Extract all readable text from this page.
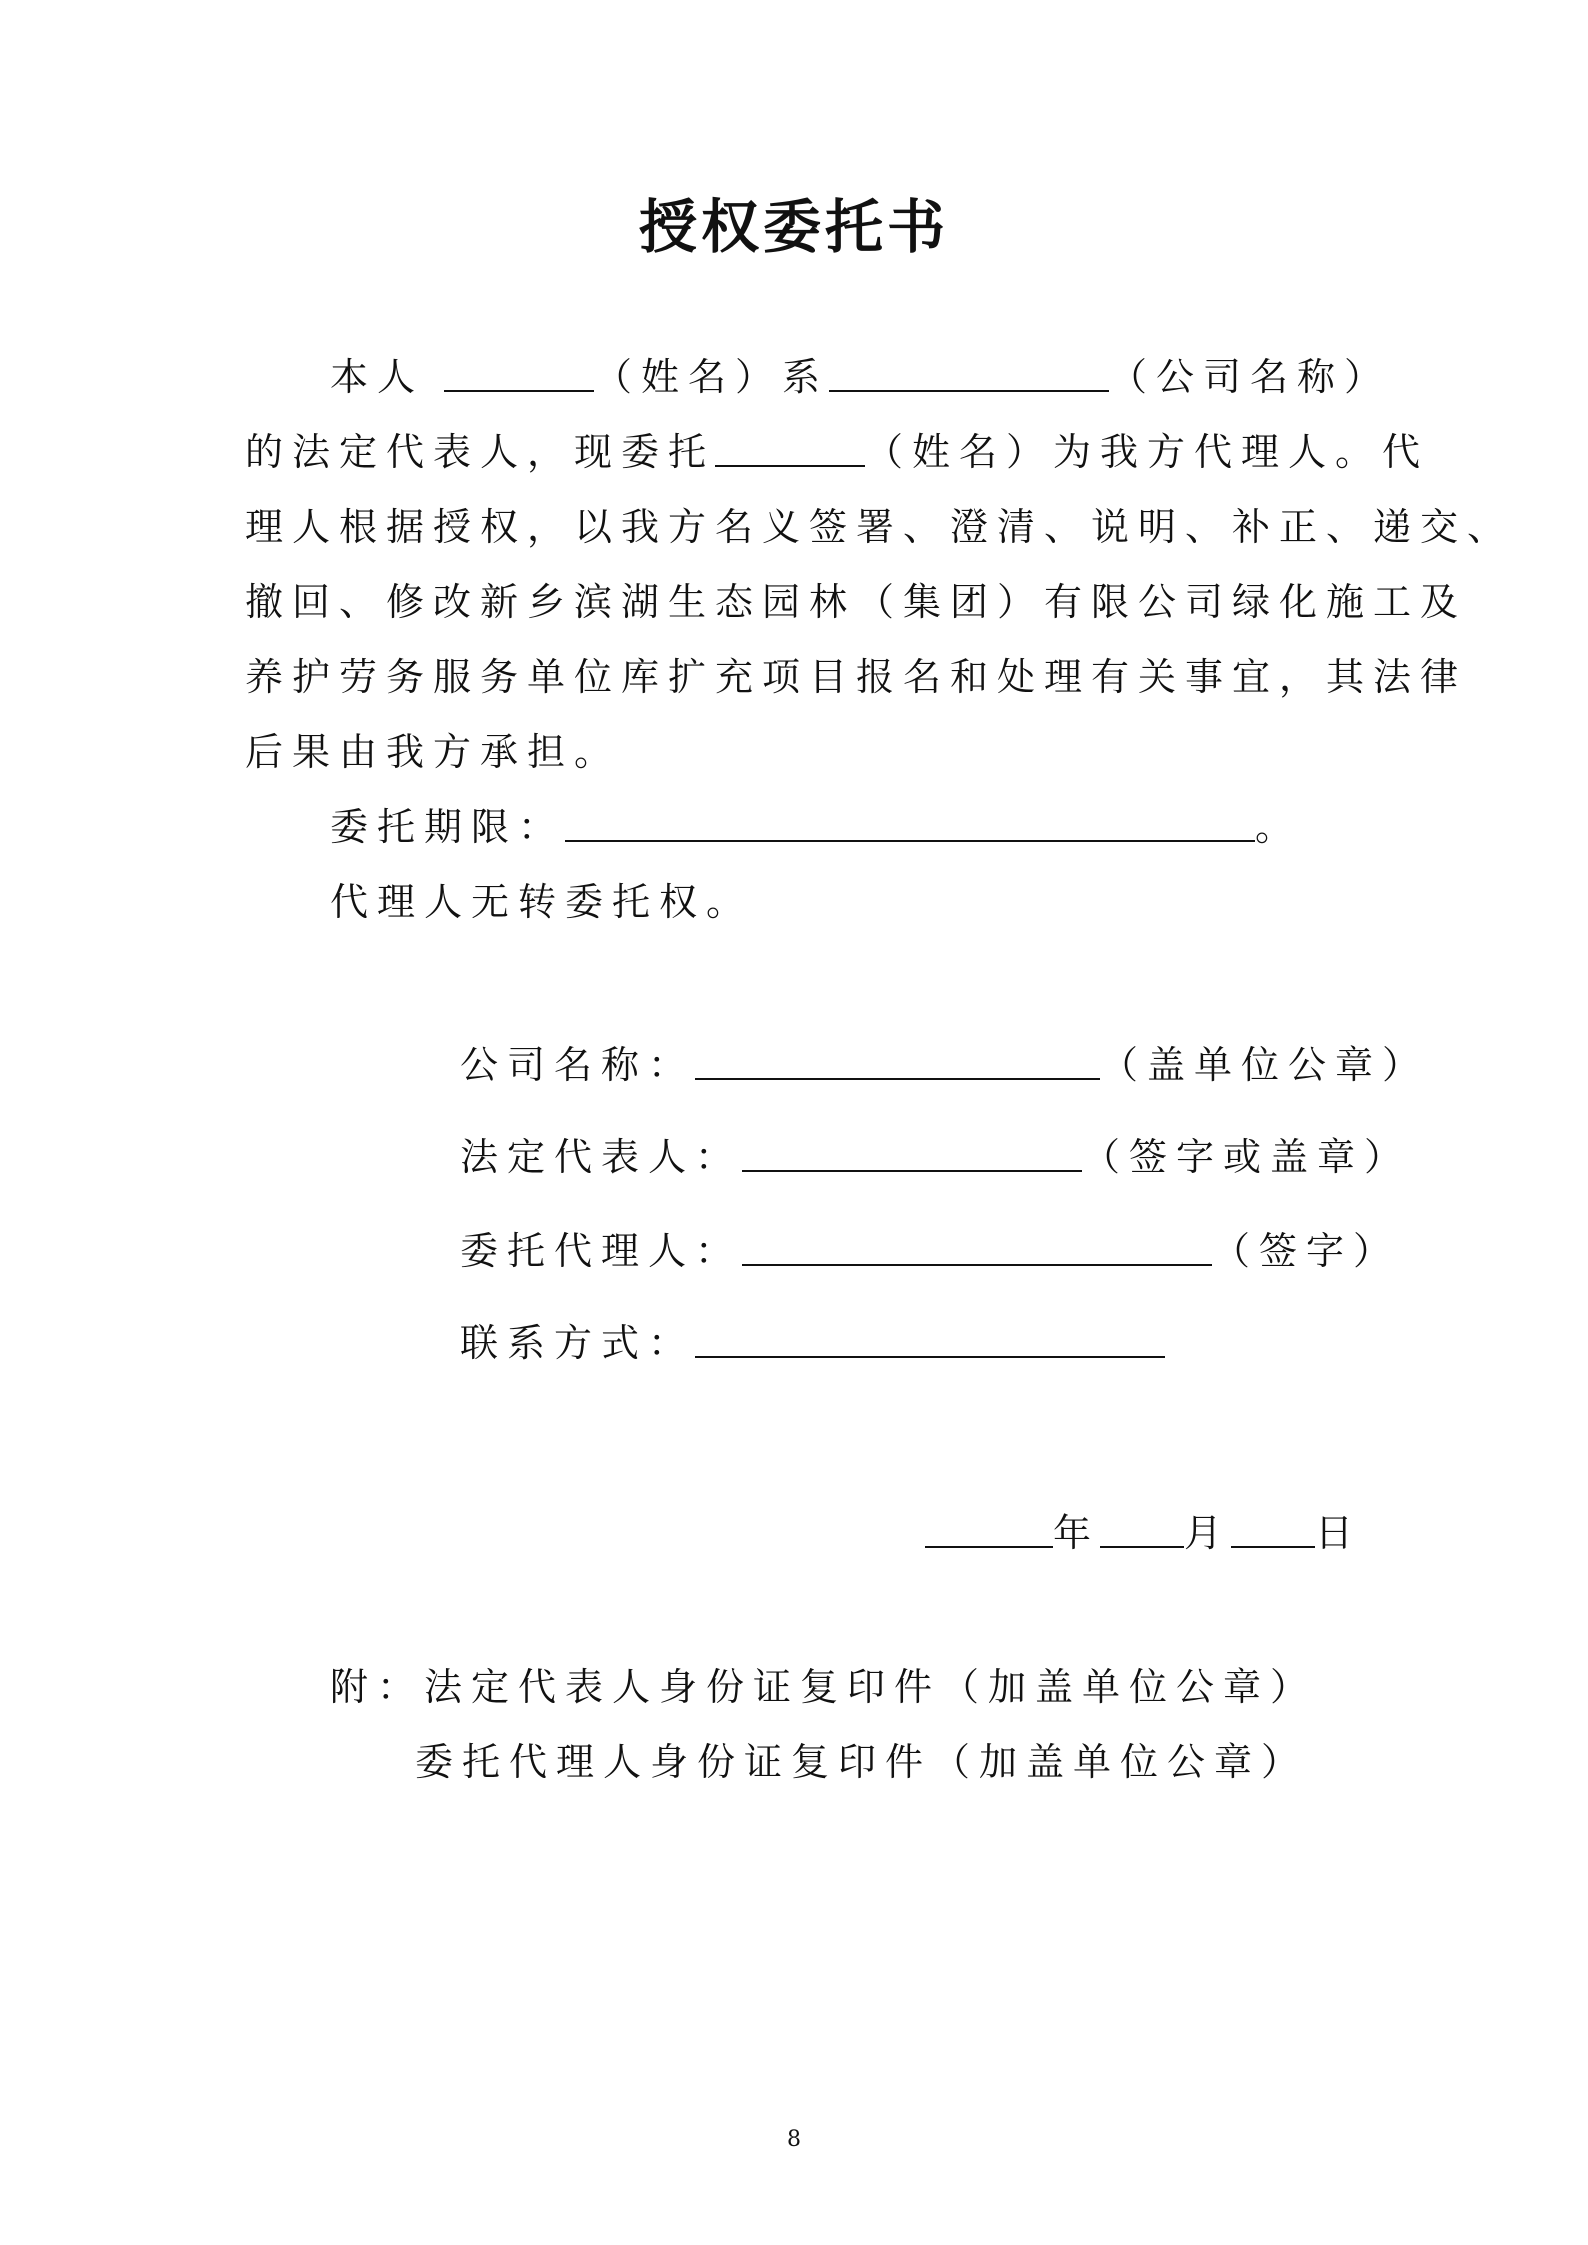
授权委托书
本人	（姓名）系	（公司名称）
的法定代表人，现委托	（姓名）为我方代理人。代
理人根据授权，以我方名义签署、澄清、说明、补正、递交、
撤回、修改新乡滨湖生态园林（集团）有限公司绿化施工及
养护劳务服务单位库扩充项目报名和处理有关事宜，其法律
后果由我方承担。
委托期限：	。
代理人无转委托权。
公司名称：	（盖单位公章）
法定代表人：	（签字或盖章）
委托代理人：	（签字）
联系方式：
年 月 日
附：法定代表人身份证复印件（加盖单位公章）
委托代理人身份证复印件（加盖单位公章）
8
